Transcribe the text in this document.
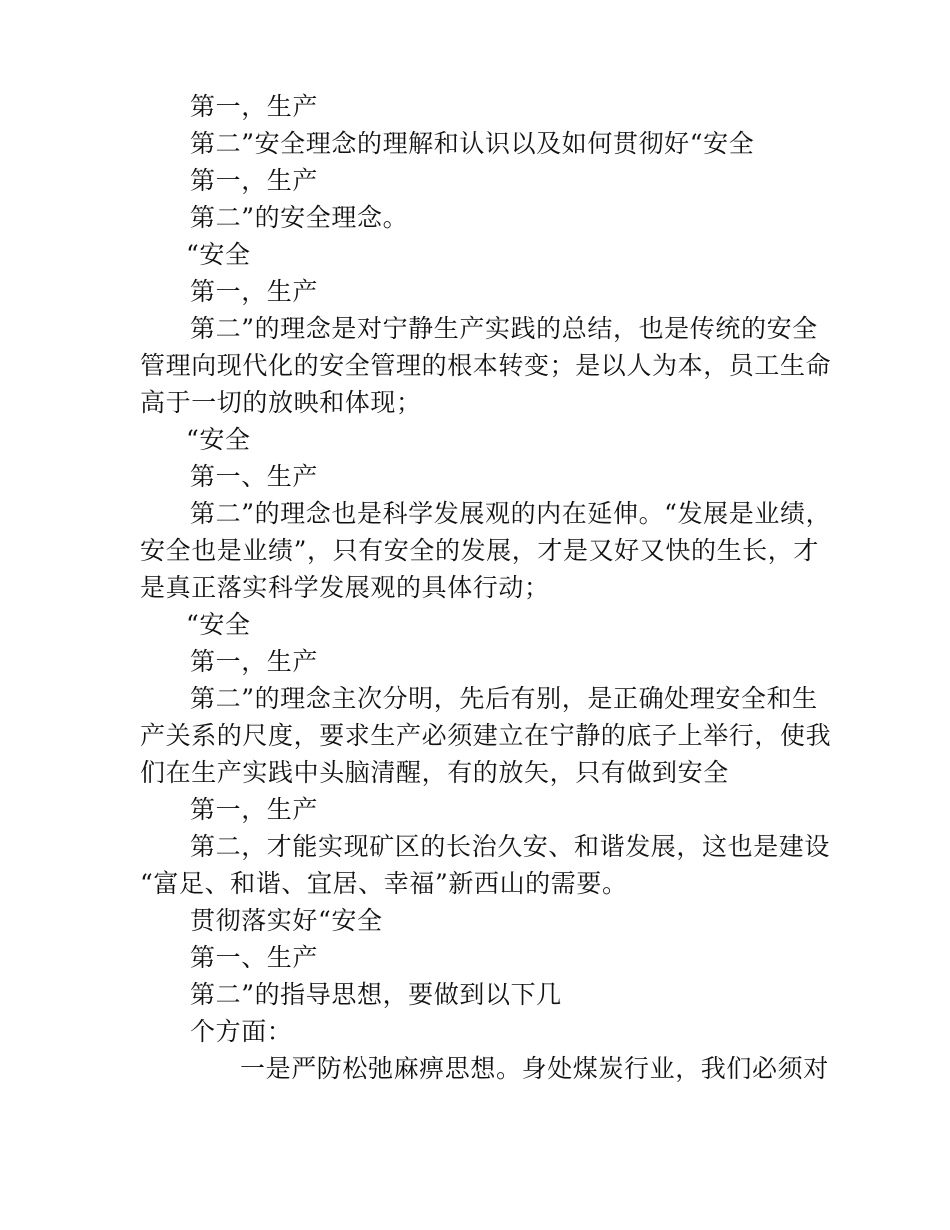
第一，生产
第二”安全理念的理解和认识以及如何贯彻好“安全
第一，生产
第二”的安全理念。
“安全
第一，生产
第二”的理念是对宁静生产实践的总结，也是传统的安全
管理向现代化的安全管理的根本转变；是以人为本，员工生命
高于一切的放映和体现；
“安全
第一、生产
第二”的理念也是科学发展观的内在延伸。“发展是业绩，
安全也是业绩”，只有安全的发展，才是又好又快的生长，才
是真正落实科学发展观的具体行动；
“安全
第一，生产
第二”的理念主次分明，先后有别，是正确处理安全和生
产关系的尺度，要求生产必须建立在宁静的底子上举行，使我
们在生产实践中头脑清醒，有的放矢，只有做到安全
第一，生产
第二，才能实现矿区的长治久安、和谐发展，这也是建设
“富足、和谐、宜居、幸福”新西山的需要。
贯彻落实好“安全
第一、生产
第二”的指导思想，要做到以下几
个方面：
一是严防松弛麻痹思想。身处煤炭行业，我们必须对
